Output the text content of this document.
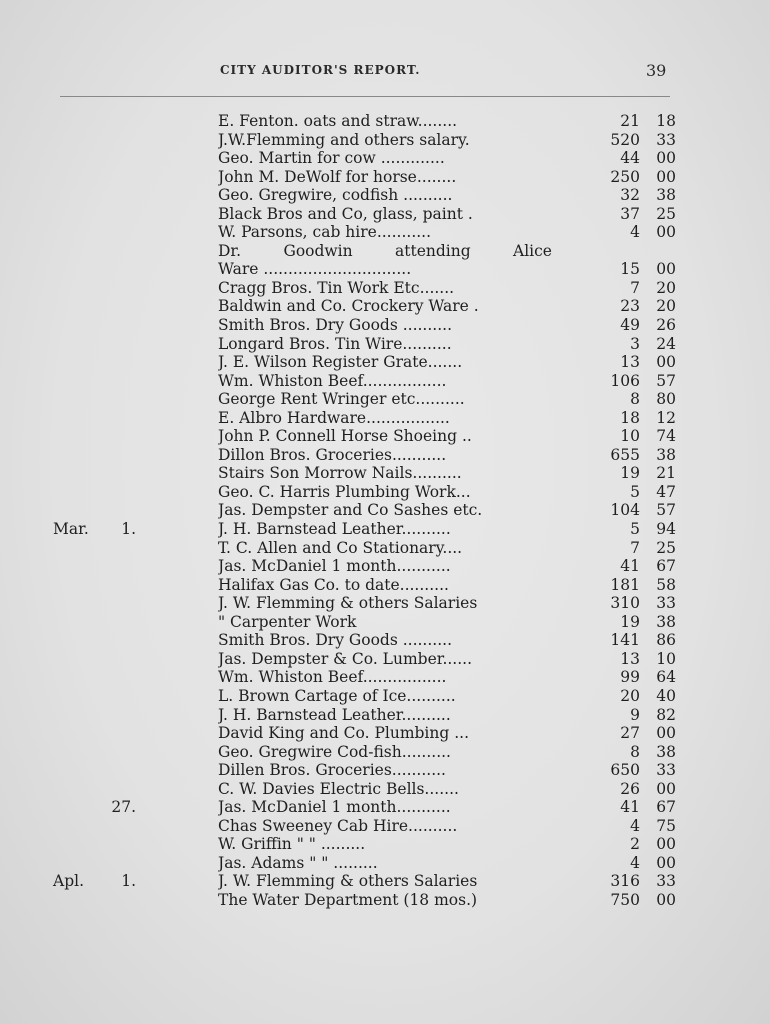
CITY AUDITOR'S REPORT.	39
E. Fenton. oats and straw........	21	18
J.W.Flemming and others salary.	520	33
Geo. Martin for cow .............	44	00
John M. DeWolf for horse........	250	00
Geo. Gregwire, codfish ..........	32	38
Black Bros and Co, glass, paint .	37	25
W. Parsons, cab hire...........	4	00
Dr.	Goodwin	attending	Alice
Ware ..............................	15	00
Cragg Bros. Tin Work Etc.......	7	20
Baldwin and Co. Crockery Ware .	23	20
Smith Bros. Dry Goods ..........	49	26
Longard Bros. Tin Wire..........	3	24
J. E. Wilson Register Grate.......	13	00
Wm. Whiston Beef.................	106	57
George Rent Wringer etc..........	8	80
E. Albro Hardware.................	18	12
John P. Connell Horse Shoeing ..	10	74
Dillon Bros. Groceries...........	655	38
Stairs Son Morrow Nails..........	19	21
Geo. C. Harris Plumbing Work...	5	47
Jas. Dempster and Co Sashes etc.	104	57
Mar.	1.	J. H. Barnstead Leather..........	5	94
T. C. Allen and Co Stationary....	7	25
Jas. McDaniel 1 month...........	41	67
Halifax Gas Co. to date..........	181	58
J. W. Flemming & others Salaries	310	33
" Carpenter Work	19	38
Smith Bros. Dry Goods ..........	141	86
Jas. Dempster & Co. Lumber......	13	10
Wm. Whiston Beef.................	99	64
L. Brown Cartage of Ice..........	20	40
J. H. Barnstead Leather..........	9	82
David King and Co. Plumbing ...	27	00
Geo. Gregwire Cod-fish..........	8	38
Dillen Bros. Groceries...........	650	33
C. W. Davies Electric Bells.......	26	00
27.	Jas. McDaniel 1 month...........	41	67
Chas Sweeney Cab Hire..........	4	75
W. Griffin " " .........	2	00
Jas. Adams " " .........	4	00
Apl.	1.	J. W. Flemming & others Salaries	316	33
The Water Department (18 mos.)	750	00
